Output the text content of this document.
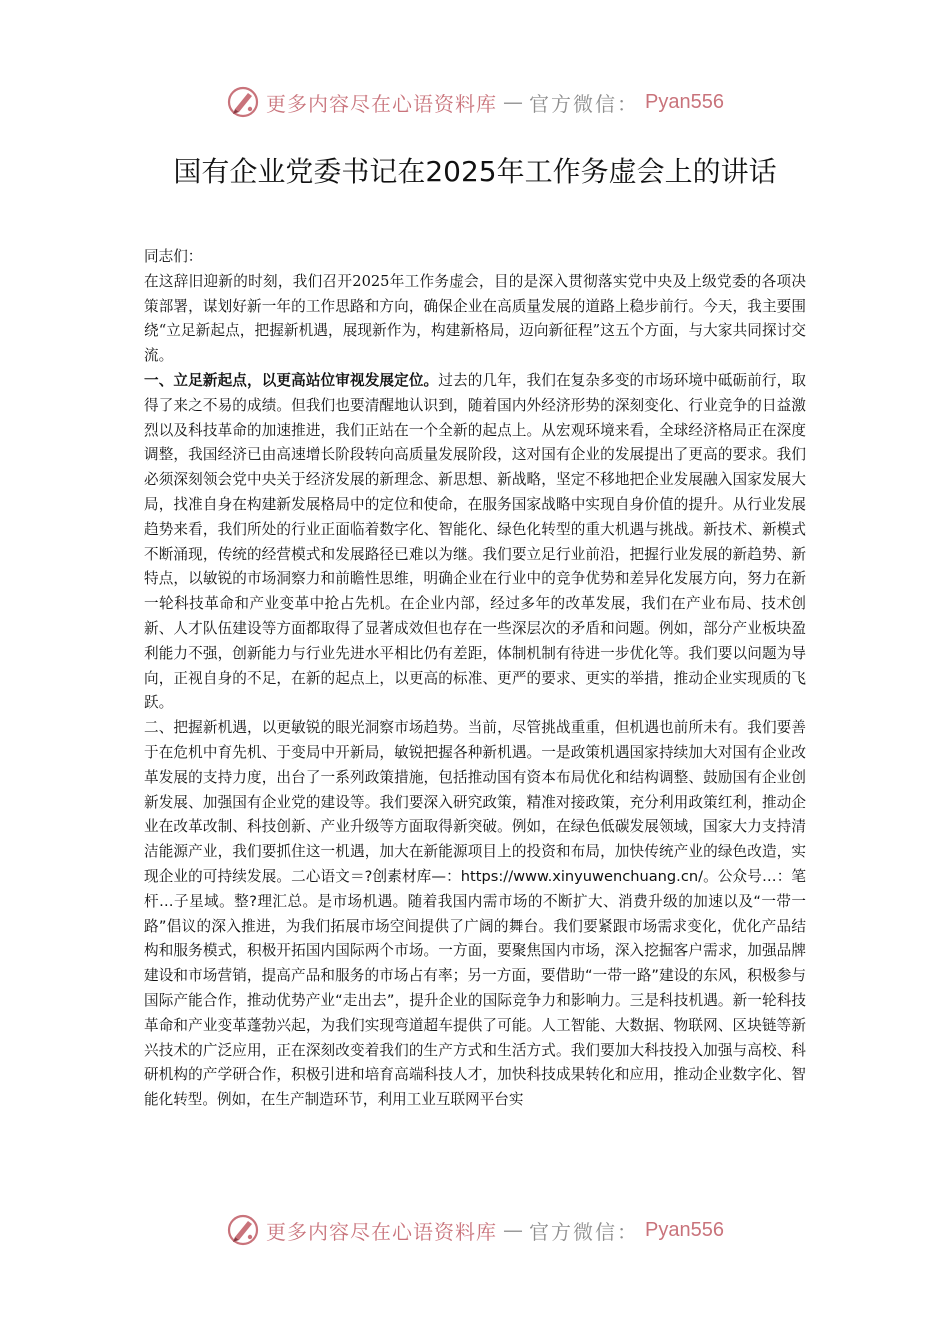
更多内容尽在心语资料库 — 官方微信： Pyan556
国有企业党委书记在2025年工作务虚会上的讲话

同志们：

在这辞旧迎新的时刻，我们召开2025年工作务虚会，目的是深入贯彻落实党中央及上级党委的各项决策部署，谋划好新一年的工作思路和方向，确保企业在高质量发展的道路上稳步前行。今天，我主要围绕“立足新起点，把握新机遇，展现新作为，构建新格局，迈向新征程”这五个方面，与大家共同探讨交流。

一、立足新起点，以更高站位审视发展定位。过去的几年，我们在复杂多变的市场环境中砥砺前行，取得了来之不易的成绩。但我们也要清醒地认识到，随着国内外经济形势的深刻变化、行业竞争的日益激烈以及科技革命的加速推进，我们正站在一个全新的起点上。从宏观环境来看，全球经济格局正在深度调整，我国经济已由高速增长阶段转向高质量发展阶段，这对国有企业的发展提出了更高的要求。我们必须深刻领会党中央关于经济发展的新理念、新思想、新战略，坚定不移地把企业发展融入国家发展大局，找准自身在构建新发展格局中的定位和使命，在服务国家战略中实现自身价值的提升。从行业发展趋势来看，我们所处的行业正面临着数字化、智能化、绿色化转型的重大机遇与挑战。新技术、新模式不断涌现，传统的经营模式和发展路径已难以为继。我们要立足行业前沿，把握行业发展的新趋势、新特点，以敏锐的市场洞察力和前瞻性思维，明确企业在行业中的竞争优势和差异化发展方向，努力在新一轮科技革命和产业变革中抢占先机。在企业内部，经过多年的改革发展，我们在产业布局、技术创新、人才队伍建设等方面都取得了显著成效但也存在一些深层次的矛盾和问题。例如，部分产业板块盈利能力不强，创新能力与行业先进水平相比仍有差距，体制机制有待进一步优化等。我们要以问题为导向，正视自身的不足，在新的起点上，以更高的标准、更严的要求、更实的举措，推动企业实现质的飞跃。

二、把握新机遇，以更敏锐的眼光洞察市场趋势。当前，尽管挑战重重，但机遇也前所未有。我们要善于在危机中育先机、于变局中开新局，敏锐把握各种新机遇。一是政策机遇国家持续加大对国有企业改革发展的支持力度，出台了一系列政策措施，包括推动国有资本布局优化和结构调整、鼓励国有企业创新发展、加强国有企业党的建设等。我们要深入研究政策，精准对接政策，充分利用政策红利，推动企业在改革改制、科技创新、产业升级等方面取得新突破。例如，在绿色低碳发展领域，国家大力支持清洁能源产业，我们要抓住这一机遇，加大在新能源项目上的投资和布局，加快传统产业的绿色改造，实现企业的可持续发展。二心语文＝?创素材库—：https://www.xinyuwenchuang.cn/。公众号…：笔杆…子星域。整?理汇总。是市场机遇。随着我国内需市场的不断扩大、消费升级的加速以及“一带一路”倡议的深入推进，为我们拓展市场空间提供了广阔的舞台。我们要紧跟市场需求变化，优化产品结构和服务模式，积极开拓国内国际两个市场。一方面，要聚焦国内市场，深入挖掘客户需求，加强品牌建设和市场营销，提高产品和服务的市场占有率；另一方面，要借助“一带一路”建设的东风，积极参与国际产能合作，推动优势产业“走出去”，提升企业的国际竞争力和影响力。三是科技机遇。新一轮科技革命和产业变革蓬勃兴起，为我们实现弯道超车提供了可能。人工智能、大数据、物联网、区块链等新兴技术的广泛应用，正在深刻改变着我们的生产方式和生活方式。我们要加大科技投入加强与高校、科研机构的产学研合作，积极引进和培育高端科技人才，加快科技成果转化和应用，推动企业数字化、智能化转型。例如，在生产制造环节，利用工业互联网平台实

更多内容尽在心语资料库 — 官方微信： Pyan556
